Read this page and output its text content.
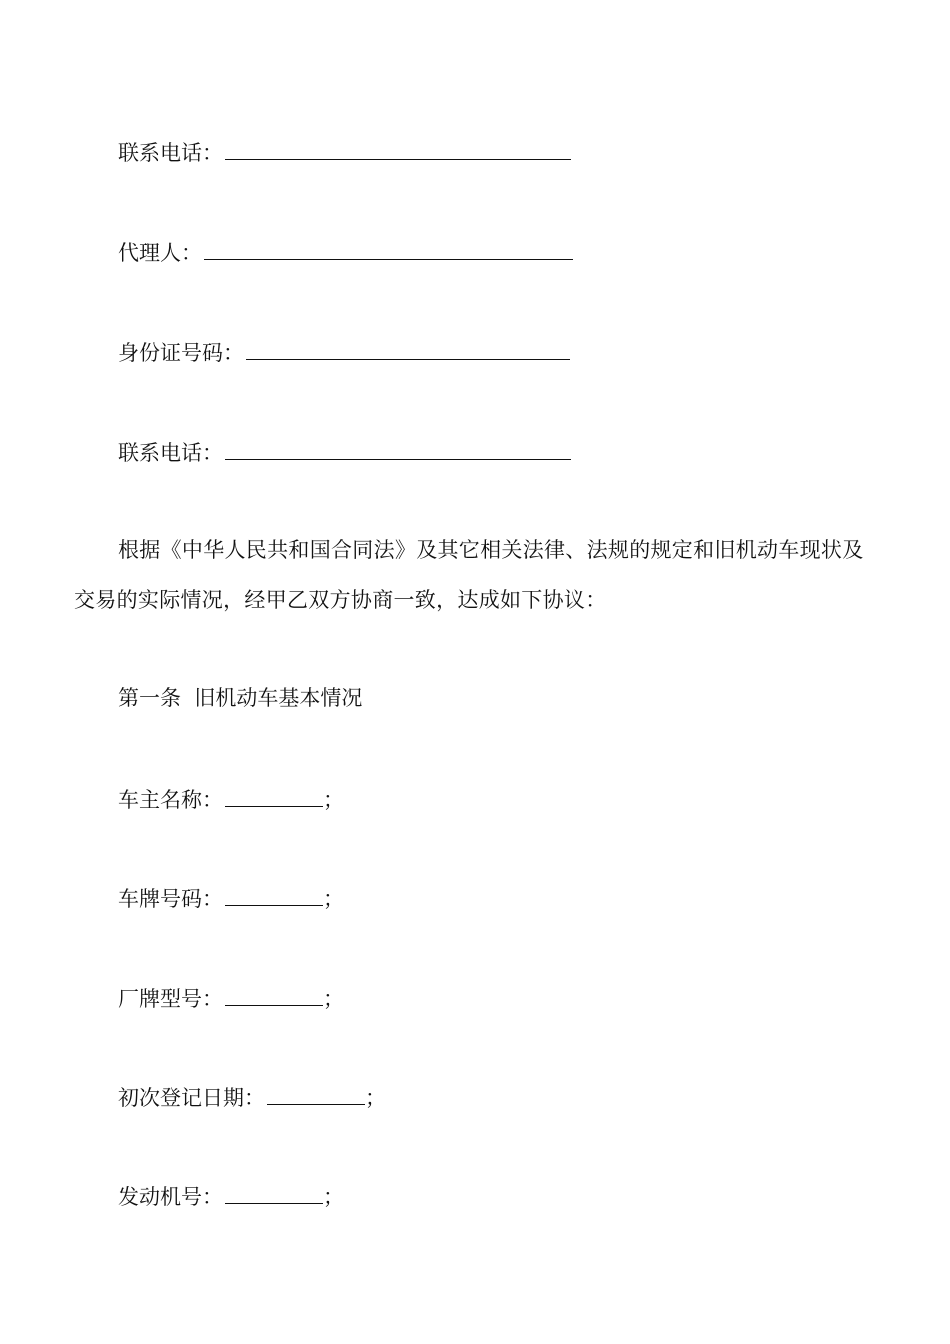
联系电话：
代理人：
身份证号码：
联系电话：
根据《中华人民共和国合同法》及其它相关法律、法规的规定和旧机动车现状及交易的实际情况，经甲乙双方协商一致，达成如下协议：
第一条  旧机动车基本情况
车主名称：	；
车牌号码：	；
厂牌型号：	；
初次登记日期：	；
发动机号：	；
